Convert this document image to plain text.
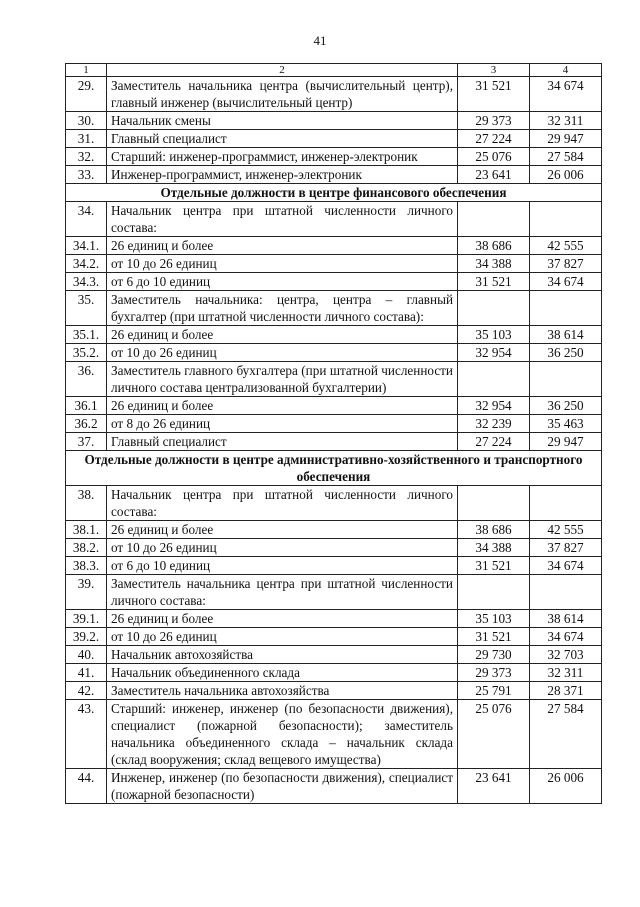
41
1	2	3	4
29.	Заместитель начальника центра (вычислительный центр), главный инженер (вычислительный центр)	31 521	34 674
30.	Начальник смены	29 373	32 311
31.	Главный специалист	27 224	29 947
32.	Старший: инженер-программист, инженер-электроник	25 076	27 584
33.	Инженер-программист, инженер-электроник	23 641	26 006
Отдельные должности в центре финансового обеспечения			
34.	Начальник центра при штатной численности личного состава:		
34.1.	26 единиц и более	38 686	42 555
34.2.	от 10 до 26 единиц	34 388	37 827
34.3.	от 6 до 10 единиц	31 521	34 674
35.	Заместитель начальника: центра, центра – главный бухгалтер (при штатной численности личного состава):		
35.1.	26 единиц и более	35 103	38 614
35.2.	от 10 до 26 единиц	32 954	36 250
36.	Заместитель главного бухгалтера (при штатной численности личного состава централизованной бухгалтерии)		
36.1	26 единиц и более	32 954	36 250
36.2	от 8 до 26 единиц	32 239	35 463
37.	Главный специалист	27 224	29 947
Отдельные должности в центре административно-хозяйственного и транспортного обеспечения			
38.	Начальник центра при штатной численности личного состава:		
38.1.	26 единиц и более	38 686	42 555
38.2.	от 10 до 26 единиц	34 388	37 827
38.3.	от 6 до 10 единиц	31 521	34 674
39.	Заместитель начальника центра при штатной численности личного состава:		
39.1.	26 единиц и более	35 103	38 614
39.2.	от 10 до 26 единиц	31 521	34 674
40.	Начальник автохозяйства	29 730	32 703
41.	Начальник объединенного склада	29 373	32 311
42.	Заместитель начальника автохозяйства	25 791	28 371
43.	Старший: инженер, инженер (по безопасности движения), специалист (пожарной безопасности); заместитель начальника объединенного склада – начальник склада (склад вооружения; склад вещевого имущества)	25 076	27 584
44.	Инженер, инженер (по безопасности движения), специалист (пожарной безопасности)	23 641	26 006
